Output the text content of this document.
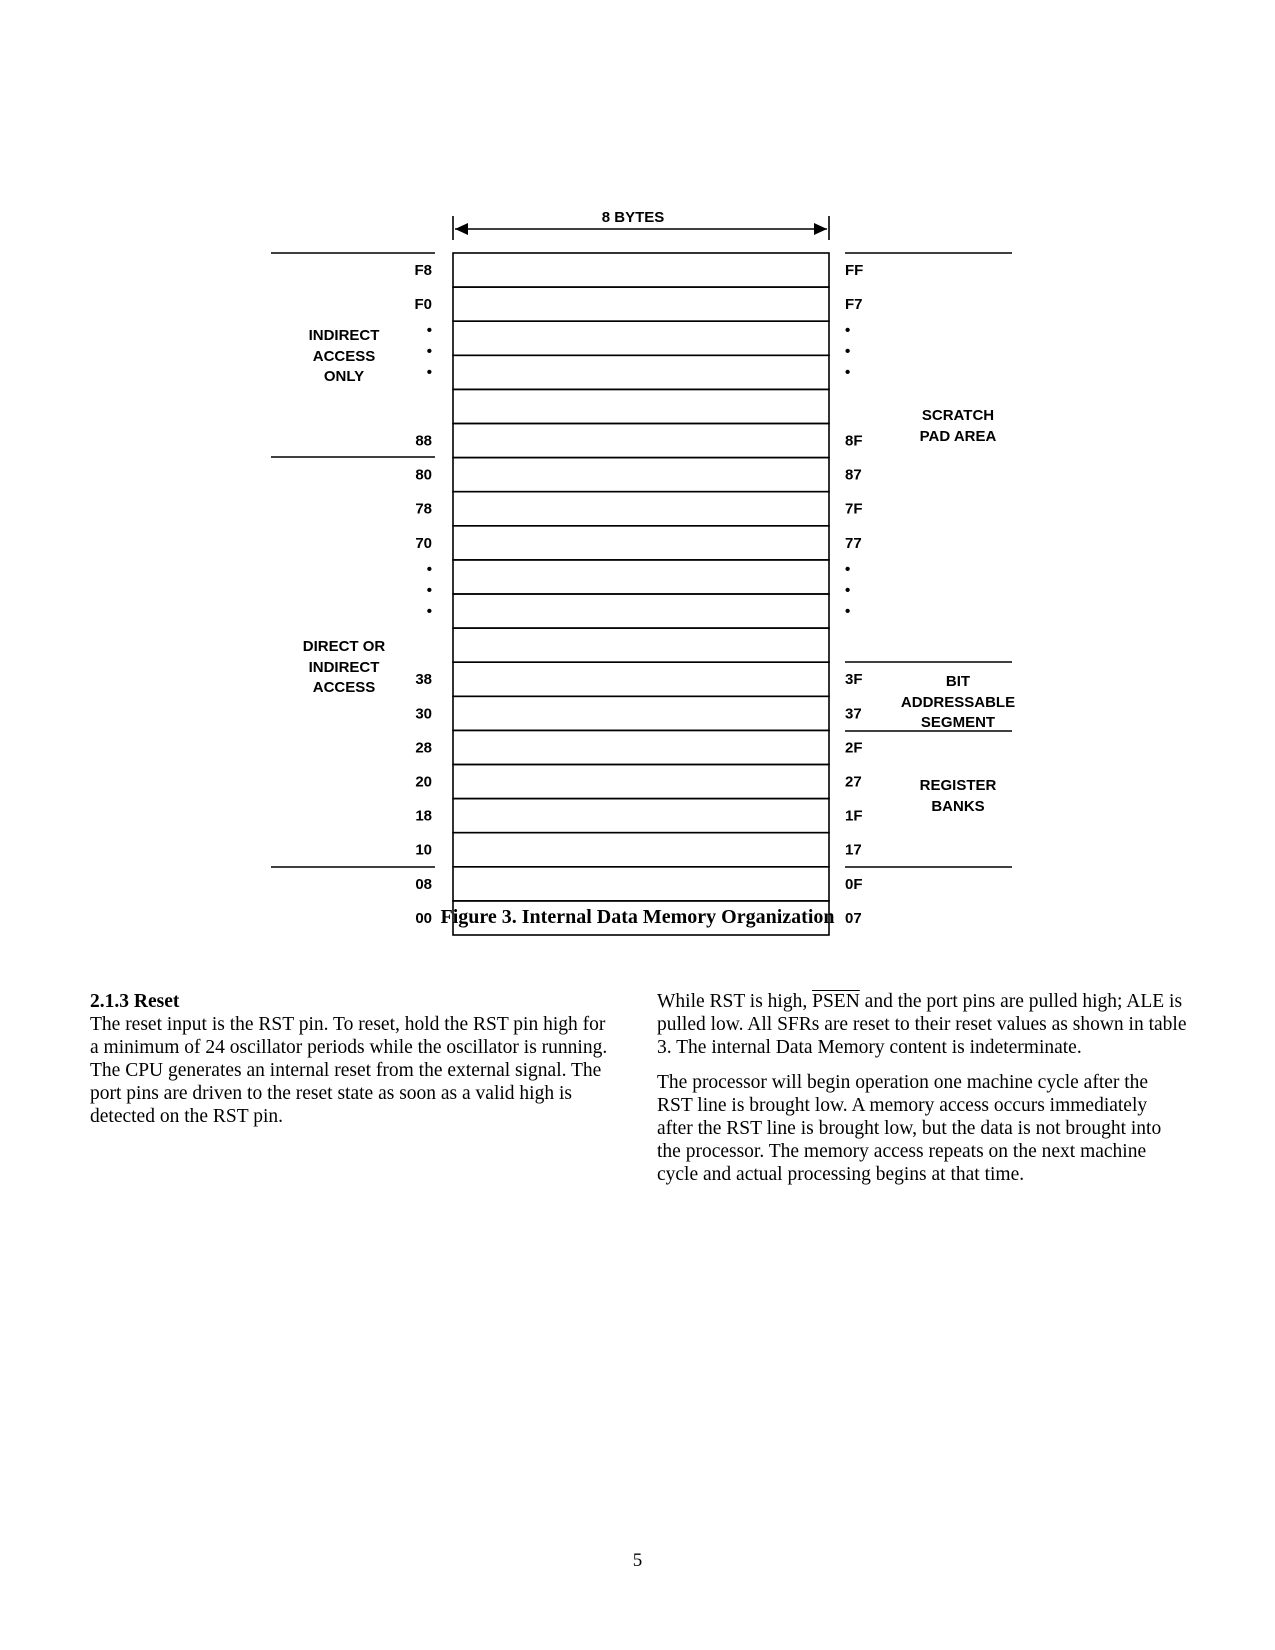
8 BYTES
F8
F0
•
•
•
88
80
78
70
•
•
•
38
30
28
20
18
10
08
00
FF
F7
•
•
•
8F
87
7F
77
•
•
•
3F
37
2F
27
1F
17
0F
07
INDIRECT
ACCESS
ONLY
DIRECT OR
INDIRECT
ACCESS
SCRATCH
PAD AREA
BIT
ADDRESSABLE
SEGMENT
REGISTER
BANKS
Figure 3. Internal Data Memory Organization

2.1.3 Reset
The reset input is the RST pin. To reset, hold the RST pin high for a minimum of 24 oscillator periods while the oscillator is running. The CPU generates an internal reset from the external signal. The port pins are driven to the reset state as soon as a valid high is detected on the RST pin.

While RST is high, PSEN and the port pins are pulled high; ALE is pulled low. All SFRs are reset to their reset values as shown in table 3. The internal Data Memory content is indeterminate.

The processor will begin operation one machine cycle after the RST line is brought low. A memory access occurs immediately after the RST line is brought low, but the data is not brought into the processor. The memory access repeats on the next machine cycle and actual processing begins at that time.

5
